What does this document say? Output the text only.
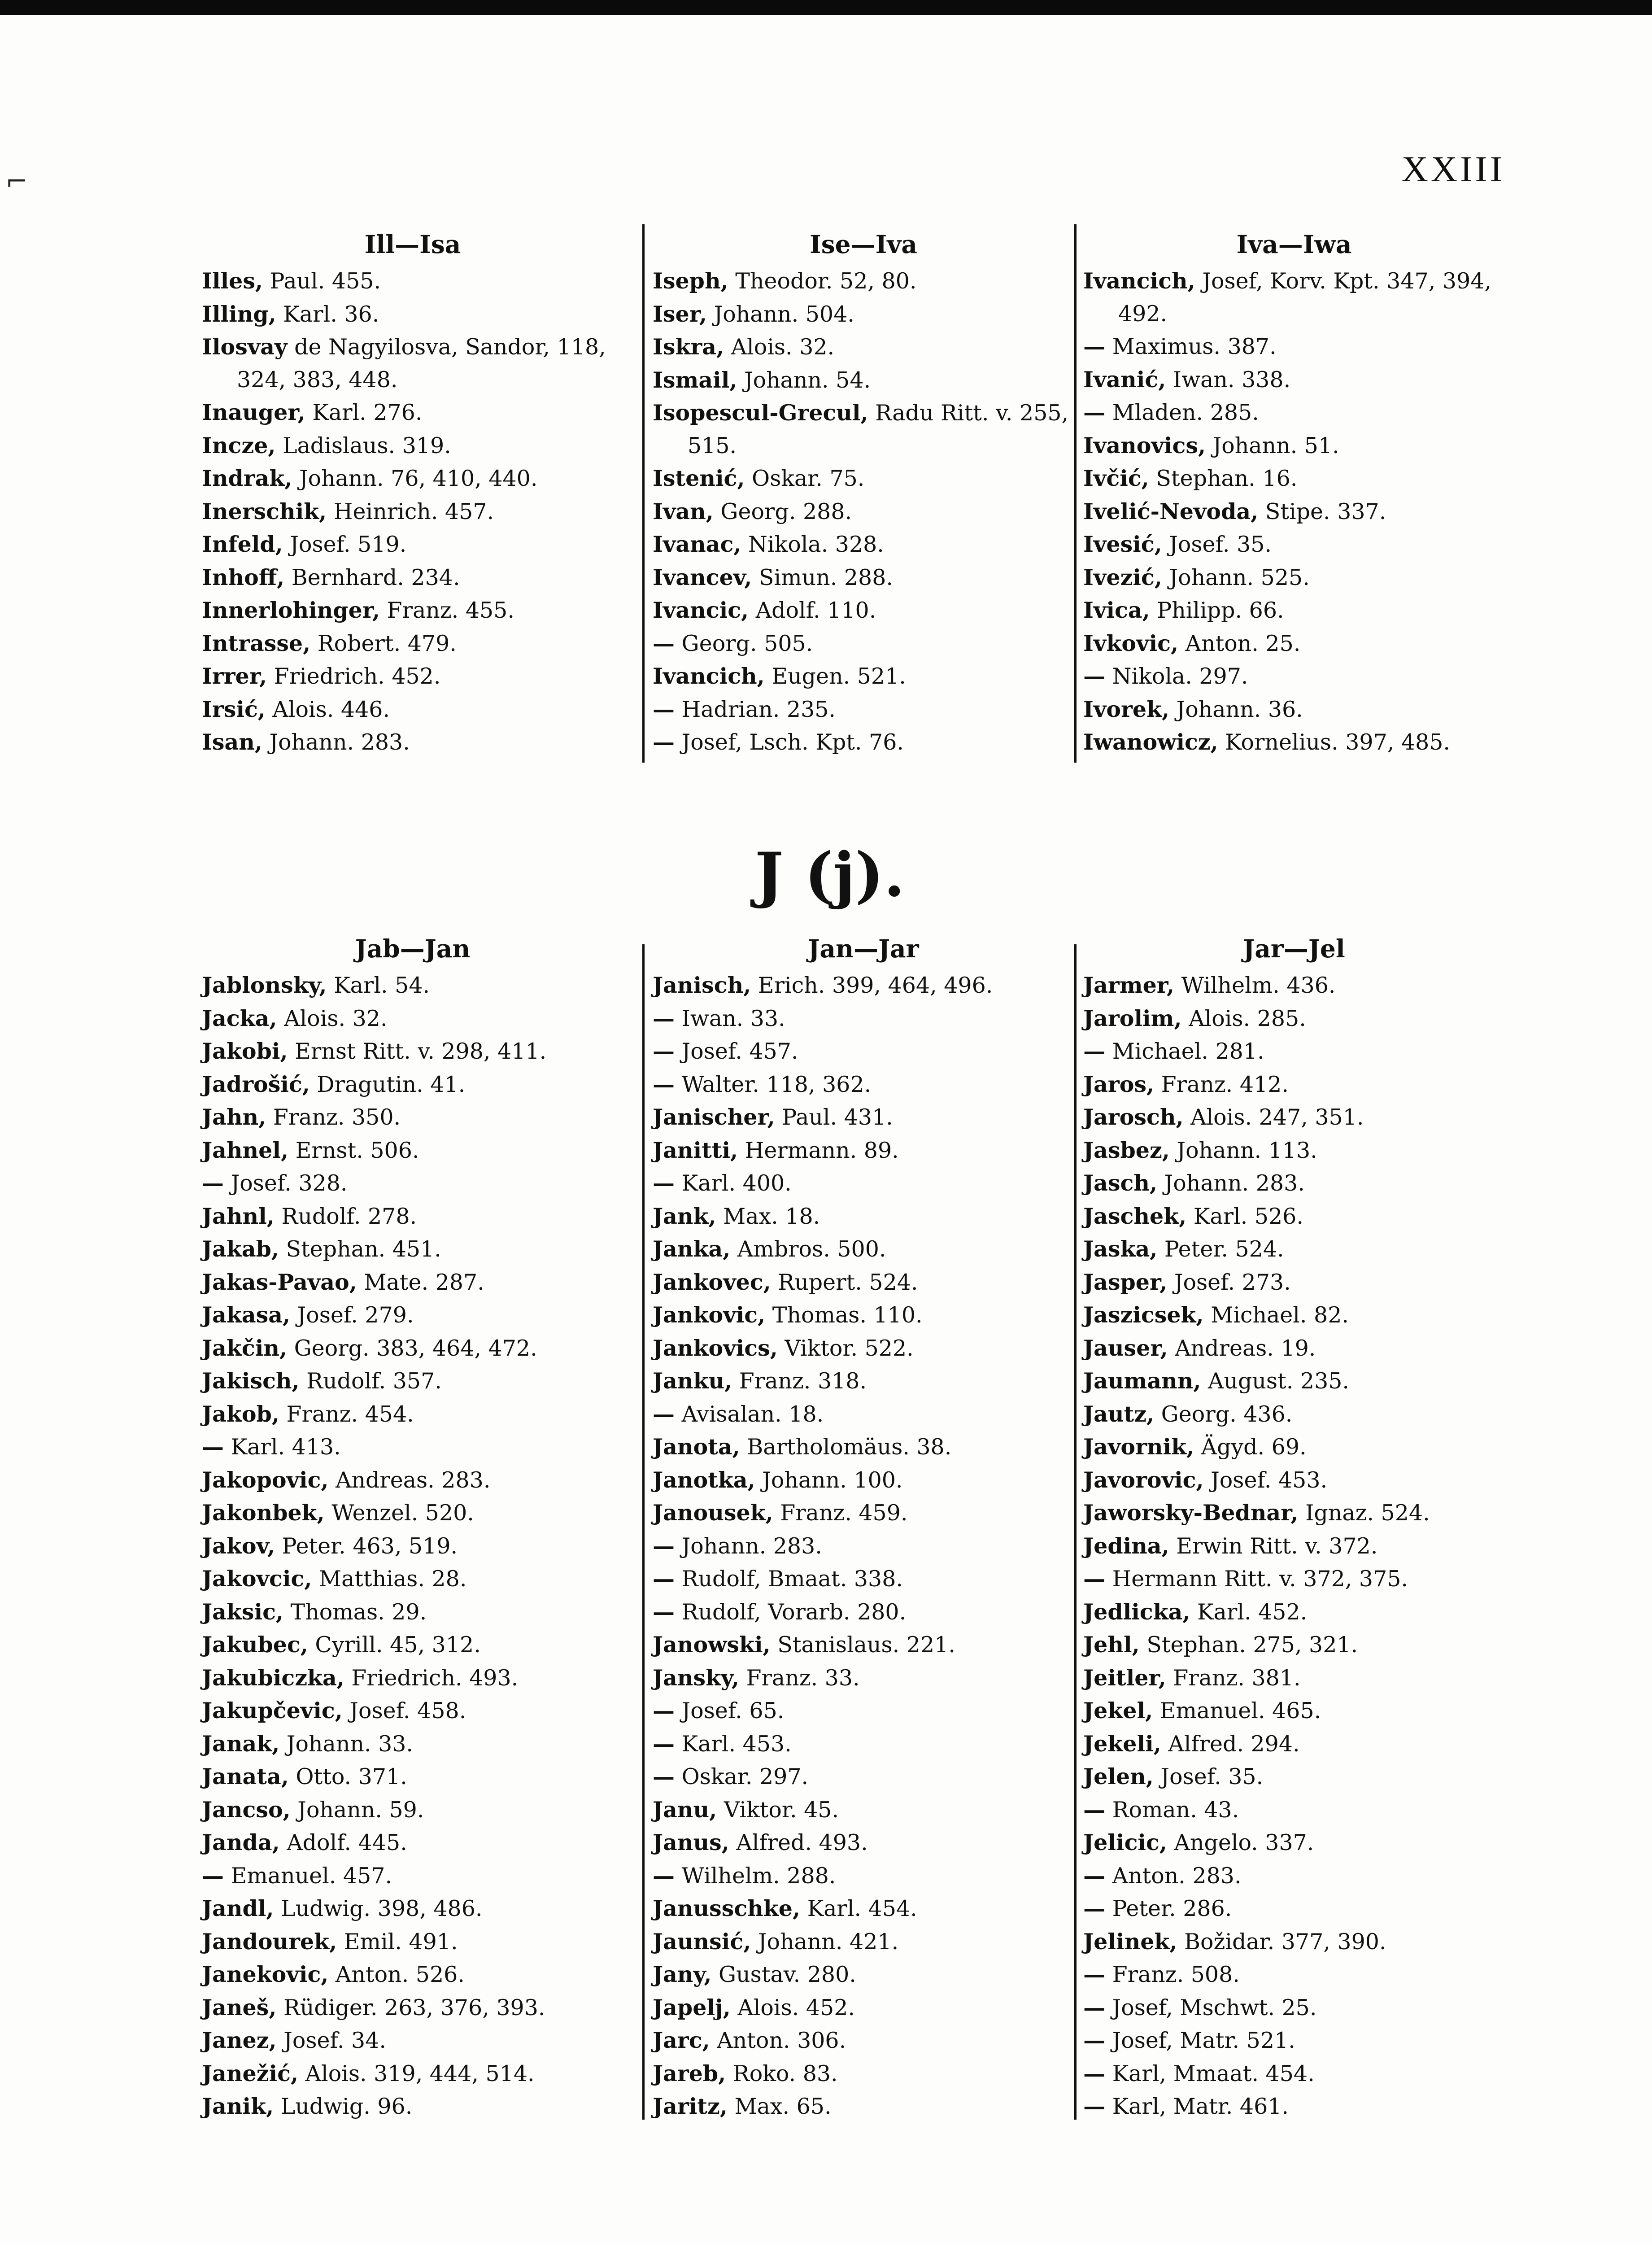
XXIII
Ill—Isa
Illes, Paul. 455.
Illing, Karl. 36.
Ilosvay de Nagyilosva, Sandor, 118, 324, 383, 448.
Inauger, Karl. 276.
Incze, Ladislaus. 319.
Indrak, Johann. 76, 410, 440.
Inerschik, Heinrich. 457.
Infeld, Josef. 519.
Inhoff, Bernhard. 234.
Innerlohinger, Franz. 455.
Intrasse, Robert. 479.
Irrer, Friedrich. 452.
Irsić, Alois. 446.
Isan, Johann. 283.
Ise—Iva
Iseph, Theodor. 52, 80.
Iser, Johann. 504.
Iskra, Alois. 32.
Ismail, Johann. 54.
Isopescul-Grecul, Radu Ritt. v. 255, 515.
Istenić, Oskar. 75.
Ivan, Georg. 288.
Ivanac, Nikola. 328.
Ivancev, Simun. 288.
Ivancic, Adolf. 110.
— Georg. 505.
Ivancich, Eugen. 521.
— Hadrian. 235.
— Josef, Lsch. Kpt. 76.
Iva—Iwa
Ivancich, Josef, Korv. Kpt. 347, 394, 492.
— Maximus. 387.
Ivanić, Iwan. 338.
— Mladen. 285.
Ivanovics, Johann. 51.
Ivčić, Stephan. 16.
Ivelić-Nevoda, Stipe. 337.
Ivesić, Josef. 35.
Ivezić, Johann. 525.
Ivica, Philipp. 66.
Ivkovic, Anton. 25.
— Nikola. 297.
Ivorek, Johann. 36.
Iwanowicz, Kornelius. 397, 485.
J (j).
Jab—Jan
Jablonsky, Karl. 54.
Jacka, Alois. 32.
Jakobi, Ernst Ritt. v. 298, 411.
Jadrošić, Dragutin. 41.
Jahn, Franz. 350.
Jahnel, Ernst. 506.
— Josef. 328.
Jahnl, Rudolf. 278.
Jakab, Stephan. 451.
Jakas-Pavao, Mate. 287.
Jakasa, Josef. 279.
Jakčin, Georg. 383, 464, 472.
Jakisch, Rudolf. 357.
Jakob, Franz. 454.
— Karl. 413.
Jakopovic, Andreas. 283.
Jakonbek, Wenzel. 520.
Jakov, Peter. 463, 519.
Jakovcic, Matthias. 28.
Jaksic, Thomas. 29.
Jakubec, Cyrill. 45, 312.
Jakubiczka, Friedrich. 493.
Jakupčevic, Josef. 458.
Janak, Johann. 33.
Janata, Otto. 371.
Jancso, Johann. 59.
Janda, Adolf. 445.
— Emanuel. 457.
Jandl, Ludwig. 398, 486.
Jandourek, Emil. 491.
Janekovic, Anton. 526.
Janeš, Rüdiger. 263, 376, 393.
Janez, Josef. 34.
Janežić, Alois. 319, 444, 514.
Janik, Ludwig. 96.
Jan—Jar
Janisch, Erich. 399, 464, 496.
— Iwan. 33.
— Josef. 457.
— Walter. 118, 362.
Janischer, Paul. 431.
Janitti, Hermann. 89.
— Karl. 400.
Jank, Max. 18.
Janka, Ambros. 500.
Jankovec, Rupert. 524.
Jankovic, Thomas. 110.
Jankovics, Viktor. 522.
Janku, Franz. 318.
— Avisalan. 18.
Janota, Bartholomäus. 38.
Janotka, Johann. 100.
Janousek, Franz. 459.
— Johann. 283.
— Rudolf, Bmaat. 338.
— Rudolf, Vorarb. 280.
Janowski, Stanislaus. 221.
Jansky, Franz. 33.
— Josef. 65.
— Karl. 453.
— Oskar. 297.
Janu, Viktor. 45.
Janus, Alfred. 493.
— Wilhelm. 288.
Janusschke, Karl. 454.
Jaunsić, Johann. 421.
Jany, Gustav. 280.
Japelj, Alois. 452.
Jarc, Anton. 306.
Jareb, Roko. 83.
Jaritz, Max. 65.
Jar—Jel
Jarmer, Wilhelm. 436.
Jarolim, Alois. 285.
— Michael. 281.
Jaros, Franz. 412.
Jarosch, Alois. 247, 351.
Jasbez, Johann. 113.
Jasch, Johann. 283.
Jaschek, Karl. 526.
Jaska, Peter. 524.
Jasper, Josef. 273.
Jaszicsek, Michael. 82.
Jauser, Andreas. 19.
Jaumann, August. 235.
Jautz, Georg. 436.
Javornik, Ägyd. 69.
Javorovic, Josef. 453.
Jaworsky-Bednar, Ignaz. 524.
Jedina, Erwin Ritt. v. 372.
— Hermann Ritt. v. 372, 375.
Jedlicka, Karl. 452.
Jehl, Stephan. 275, 321.
Jeitler, Franz. 381.
Jekel, Emanuel. 465.
Jekeli, Alfred. 294.
Jelen, Josef. 35.
— Roman. 43.
Jelicic, Angelo. 337.
— Anton. 283.
— Peter. 286.
Jelinek, Božidar. 377, 390.
— Franz. 508.
— Josef, Mschwt. 25.
— Josef, Matr. 521.
— Karl, Mmaat. 454.
— Karl, Matr. 461.
⌐
